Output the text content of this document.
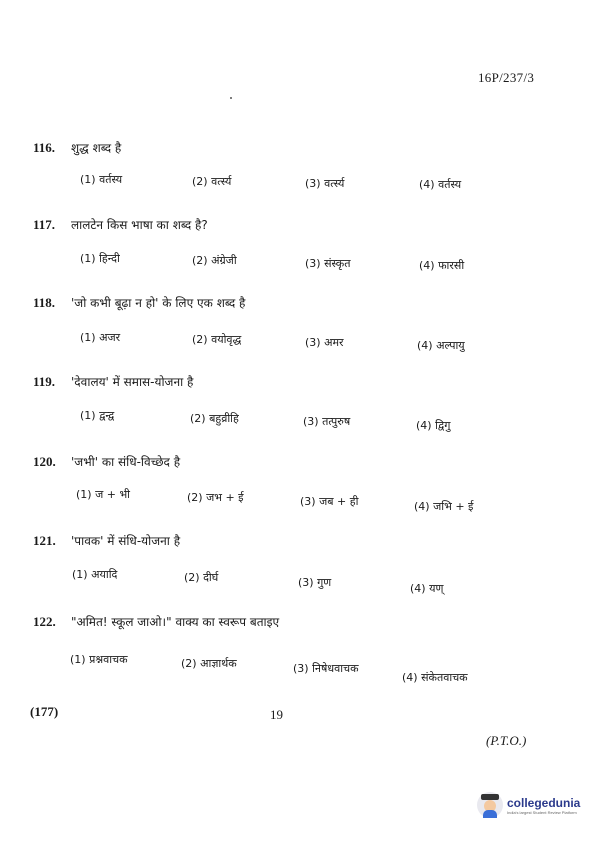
16P/237/3
116. शुद्ध शब्द है
(1) वर्तस्य	(2) वर्त्स्य	(3) वर्त्स्य	(4) वर्तस्य
117. लालटेन किस भाषा का शब्द है?
(1) हिन्दी	(2) अंग्रेजी	(3) संस्कृत	(4) फारसी
118. 'जो कभी बूढ़ा न हो' के लिए एक शब्द है
(1) अजर	(2) वयोवृद्ध	(3) अमर	(4) अल्पायु
119. 'देवालय' में समास-योजना है
(1) द्वन्द्व	(2) बहुव्रीहि	(3) तत्पुरुष	(4) द्विगु
120. 'जभी' का संधि-विच्छेद है
(1) ज + भी	(2) जभ + ई	(3) जब + ही	(4) जभि + ई
121. 'पावक' में संधि-योजना है
(1) अयादि	(2) दीर्घ	(3) गुण	(4) यण्
122. "अमित! स्कूल जाओ।" वाक्य का स्वरूप बताइए
(1) प्रश्नवाचक	(2) आज्ञार्थक	(3) निषेधवाचक
(4) संकेतवाचक
(177)	19
(P.T.O.)
collegedunia
India's largest Student Review Platform
